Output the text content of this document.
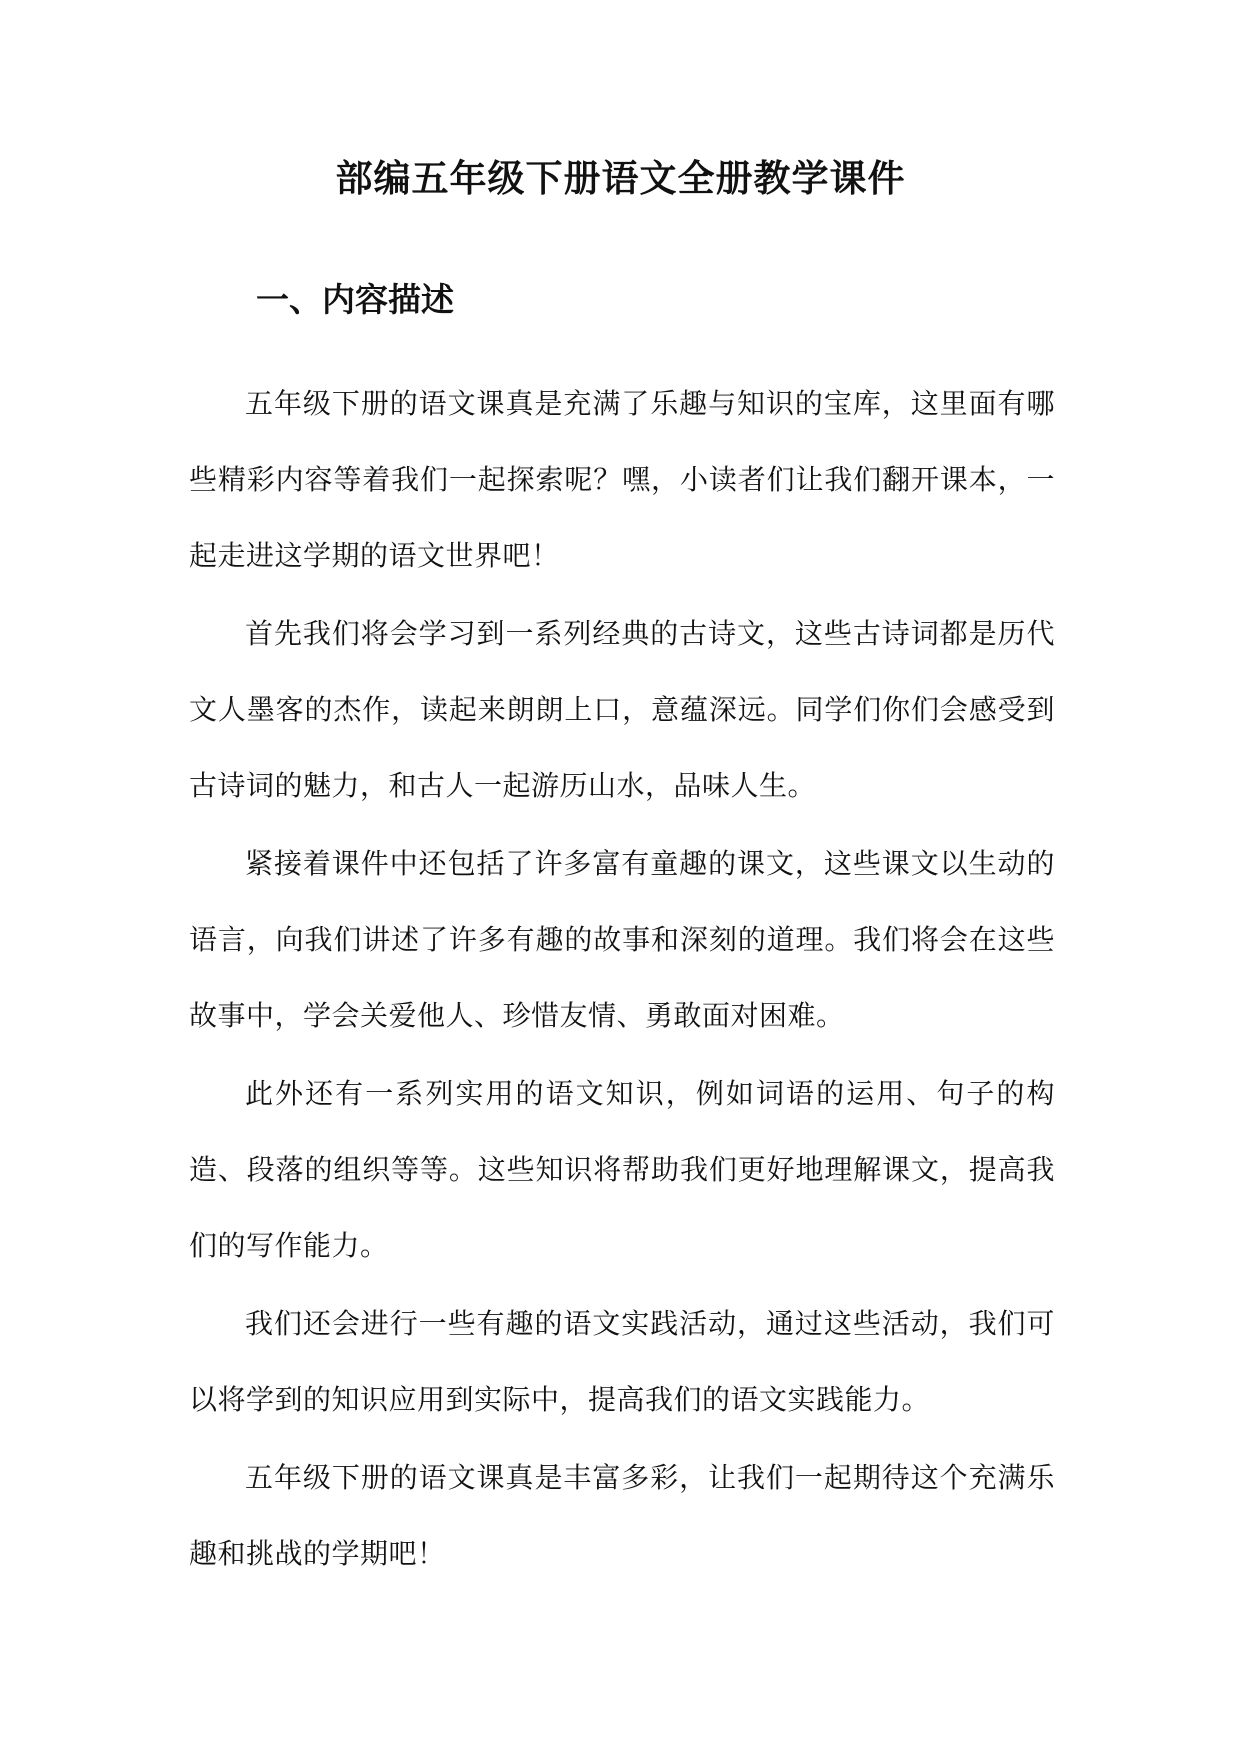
部编五年级下册语文全册教学课件
一、内容描述

五年级下册的语文课真是充满了乐趣与知识的宝库，这里面有哪些精彩内容等着我们一起探索呢？嘿，小读者们让我们翻开课本，一起走进这学期的语文世界吧！

首先我们将会学习到一系列经典的古诗文，这些古诗词都是历代文人墨客的杰作，读起来朗朗上口，意蕴深远。同学们你们会感受到古诗词的魅力，和古人一起游历山水，品味人生。

紧接着课件中还包括了许多富有童趣的课文，这些课文以生动的语言，向我们讲述了许多有趣的故事和深刻的道理。我们将会在这些故事中，学会关爱他人、珍惜友情、勇敢面对困难。

此外还有一系列实用的语文知识，例如词语的运用、句子的构造、段落的组织等等。这些知识将帮助我们更好地理解课文，提高我们的写作能力。

我们还会进行一些有趣的语文实践活动，通过这些活动，我们可以将学到的知识应用到实际中，提高我们的语文实践能力。

五年级下册的语文课真是丰富多彩，让我们一起期待这个充满乐趣和挑战的学期吧！
